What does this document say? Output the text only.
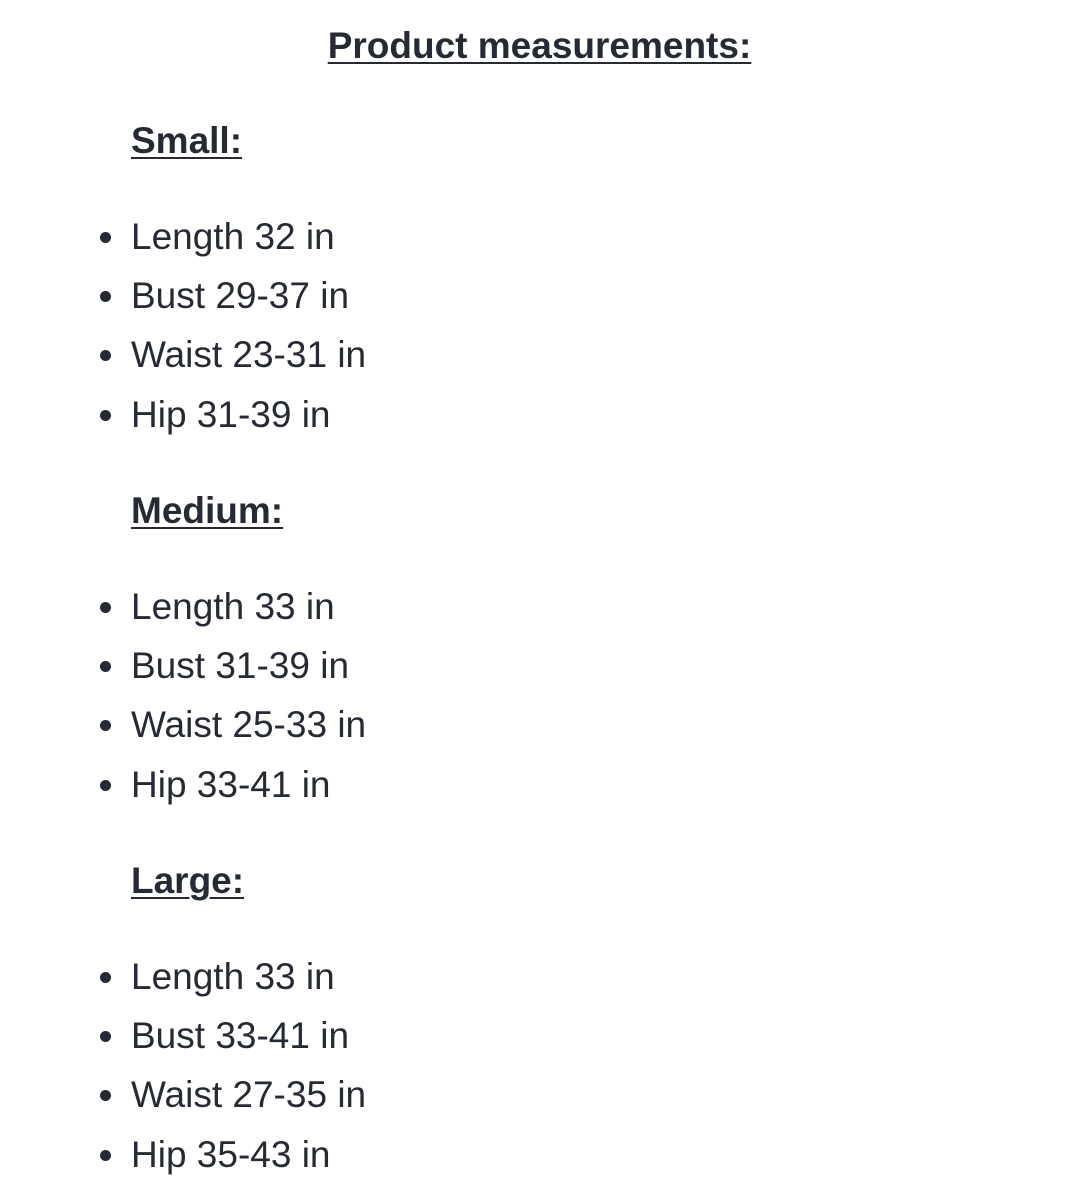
Product measurements:
Small:
Length 32 in
Bust 29-37 in
Waist 23-31 in
Hip 31-39 in
Medium:
Length 33 in
Bust 31-39 in
Waist 25-33 in
Hip 33-41 in
Large:
Length 33 in
Bust 33-41 in
Waist 27-35 in
Hip 35-43 in
